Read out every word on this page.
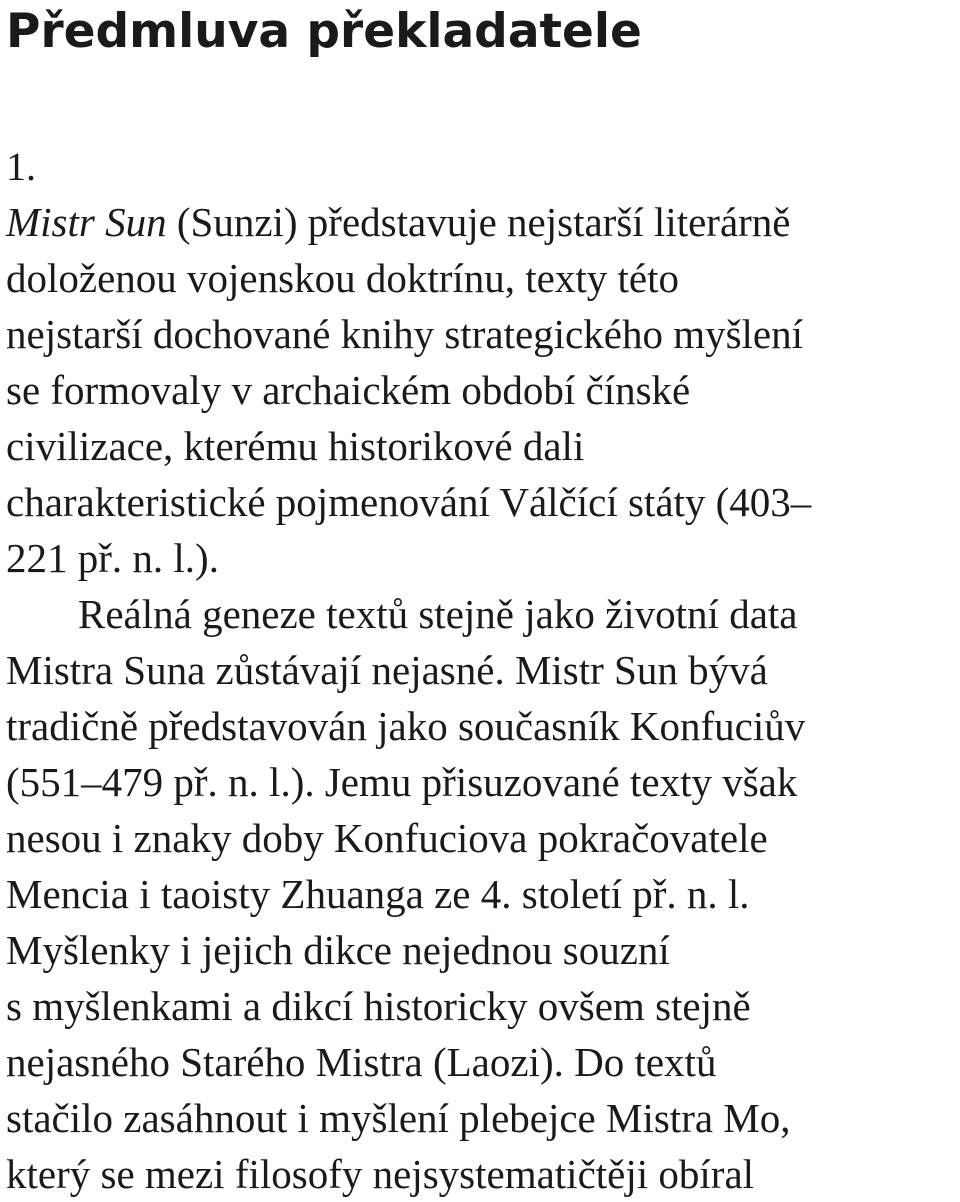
Předmluva překladatele
1.
Mistr Sun (Sunzi) představuje nejstarší literárně
doloženou vojenskou doktrínu, texty této
nejstarší dochované knihy strategického myšlení
se formovaly v archaickém období čínské
civilizace, kterému historikové dali
charakteristické pojmenování Válčící státy (403–
221 př. n. l.).
Reálná geneze textů stejně jako životní data
Mistra Suna zůstávají nejasné. Mistr Sun bývá
tradičně představován jako současník Konfuciův
(551–479 př. n. l.). Jemu přisuzované texty však
nesou i znaky doby Konfuciova pokračovatele
Mencia i taoisty Zhuanga ze 4. století př. n. l.
Myšlenky i jejich dikce nejednou souzní
s myšlenkami a dikcí historicky ovšem stejně
nejasného Starého Mistra (Laozi). Do textů
stačilo zasáhnout i myšlení plebejce Mistra Mo,
který se mezi filosofy nejsystematičtěji obíral
